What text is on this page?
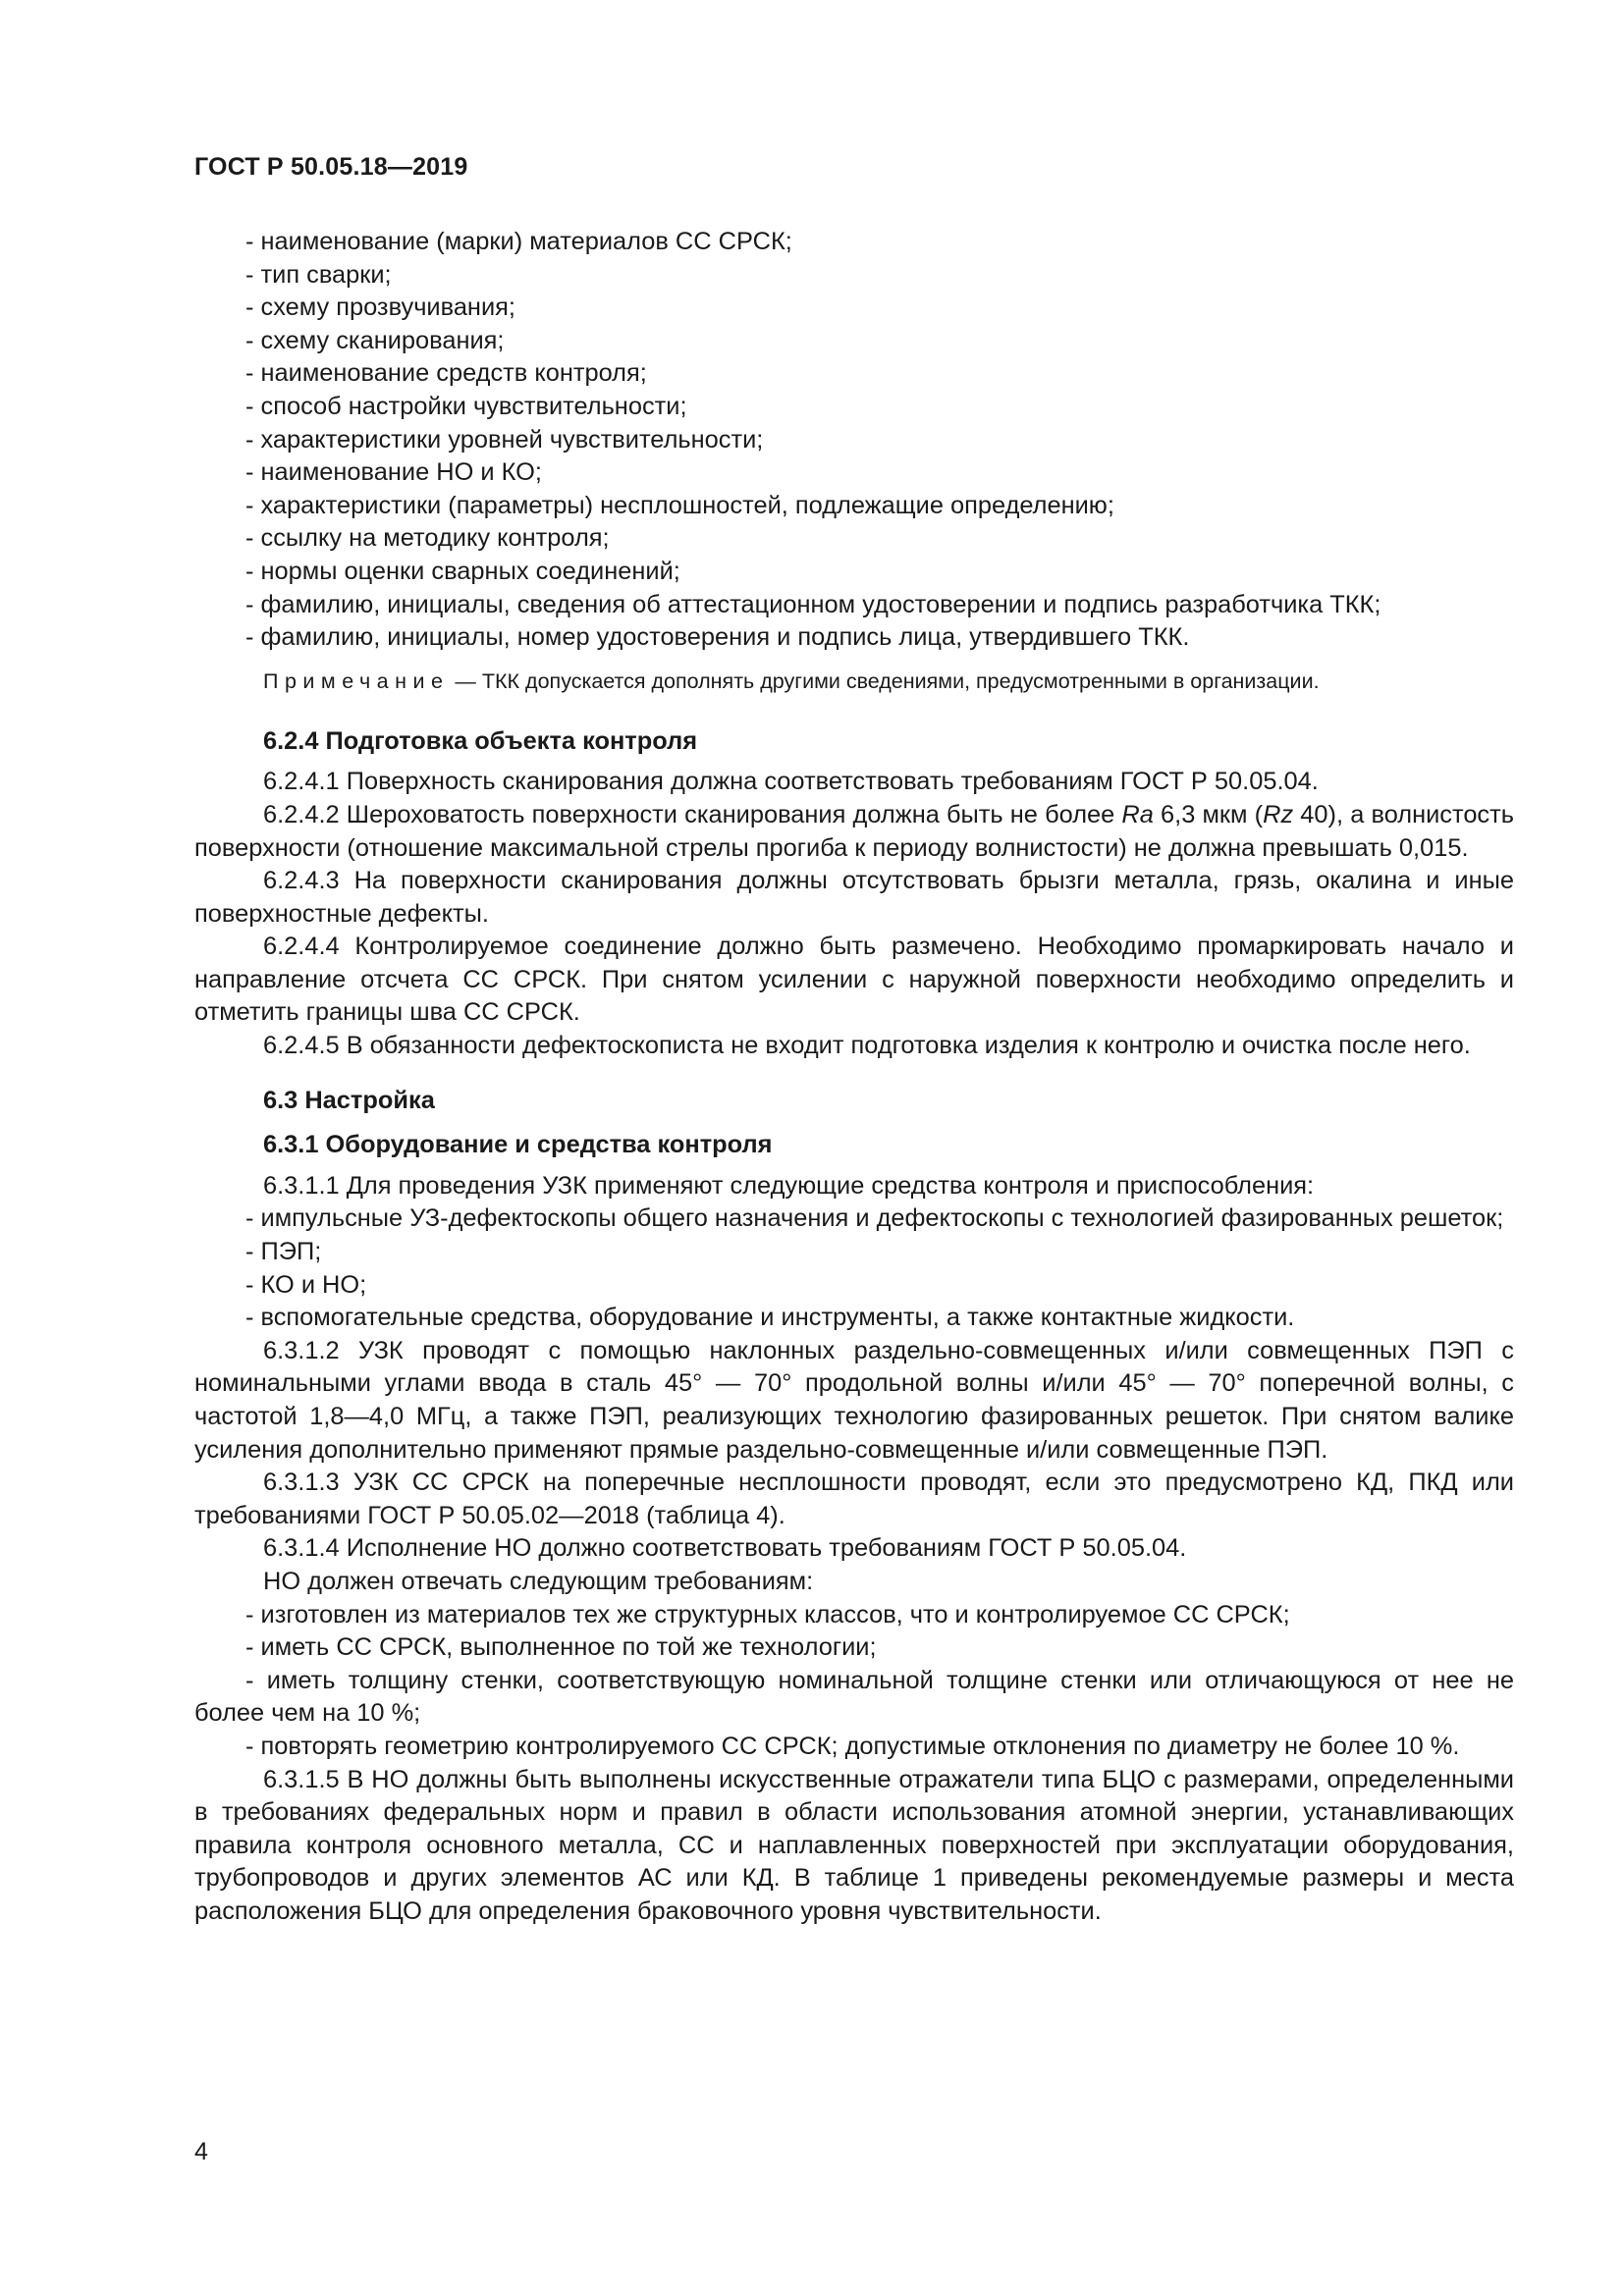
ГОСТ Р 50.05.18—2019

- наименование (марки) материалов СС СРСК;

- тип сварки;

- схему прозвучивания;

- схему сканирования;

- наименование средств контроля;

- способ настройки чувствительности;

- характеристики уровней чувствительности;

- наименование НО и КО;

- характеристики (параметры) несплошностей, подлежащие определению;

- ссылку на методику контроля;

- нормы оценки сварных соединений;

- фамилию, инициалы, сведения об аттестационном удостоверении и подпись разработчика ТКК;

- фамилию, инициалы, номер удостоверения и подпись лица, утвердившего ТКК.

Примечание — ТКК допускается дополнять другими сведениями, предусмотренными в организации.

6.2.4 Подготовка объекта контроля

6.2.4.1 Поверхность сканирования должна соответствовать требованиям ГОСТ Р 50.05.04.

6.2.4.2 Шероховатость поверхности сканирования должна быть не более Ra 6,3 мкм (Rz 40), а волнистость поверхности (отношение максимальной стрелы прогиба к периоду волнистости) не должна превышать 0,015.

6.2.4.3 На поверхности сканирования должны отсутствовать брызги металла, грязь, окалина и иные поверхностные дефекты.

6.2.4.4 Контролируемое соединение должно быть размечено. Необходимо промаркировать начало и направление отсчета СС СРСК. При снятом усилении с наружной поверхности необходимо определить и отметить границы шва СС СРСК.

6.2.4.5 В обязанности дефектоскописта не входит подготовка изделия к контролю и очистка после него.

6.3 Настройка

6.3.1 Оборудование и средства контроля

6.3.1.1 Для проведения УЗК применяют следующие средства контроля и приспособления:

- импульсные УЗ-дефектоскопы общего назначения и дефектоскопы с технологией фазированных решеток;

- ПЭП;

- КО и НО;

- вспомогательные средства, оборудование и инструменты, а также контактные жидкости.

6.3.1.2 УЗК проводят с помощью наклонных раздельно-совмещенных и/или совмещенных ПЭП с номинальными углами ввода в сталь 45° — 70° продольной волны и/или 45° — 70° поперечной волны, с частотой 1,8—4,0 МГц, а также ПЭП, реализующих технологию фазированных решеток. При снятом валике усиления дополнительно применяют прямые раздельно-совмещенные и/или совмещенные ПЭП.

6.3.1.3 УЗК СС СРСК на поперечные несплошности проводят, если это предусмотрено КД, ПКД или требованиями ГОСТ Р 50.05.02—2018 (таблица 4).

6.3.1.4 Исполнение НО должно соответствовать требованиям ГОСТ Р 50.05.04.

НО должен отвечать следующим требованиям:

- изготовлен из материалов тех же структурных классов, что и контролируемое СС СРСК;

- иметь СС СРСК, выполненное по той же технологии;

- иметь толщину стенки, соответствующую номинальной толщине стенки или отличающуюся от нее не более чем на 10 %;

- повторять геометрию контролируемого СС СРСК; допустимые отклонения по диаметру не более 10 %.

6.3.1.5 В НО должны быть выполнены искусственные отражатели типа БЦО с размерами, определенными в требованиях федеральных норм и правил в области использования атомной энергии, устанавливающих правила контроля основного металла, СС и наплавленных поверхностей при эксплуатации оборудования, трубопроводов и других элементов АС или КД. В таблице 1 приведены рекомендуемые размеры и места расположения БЦО для определения браковочного уровня чувствительности.

4
